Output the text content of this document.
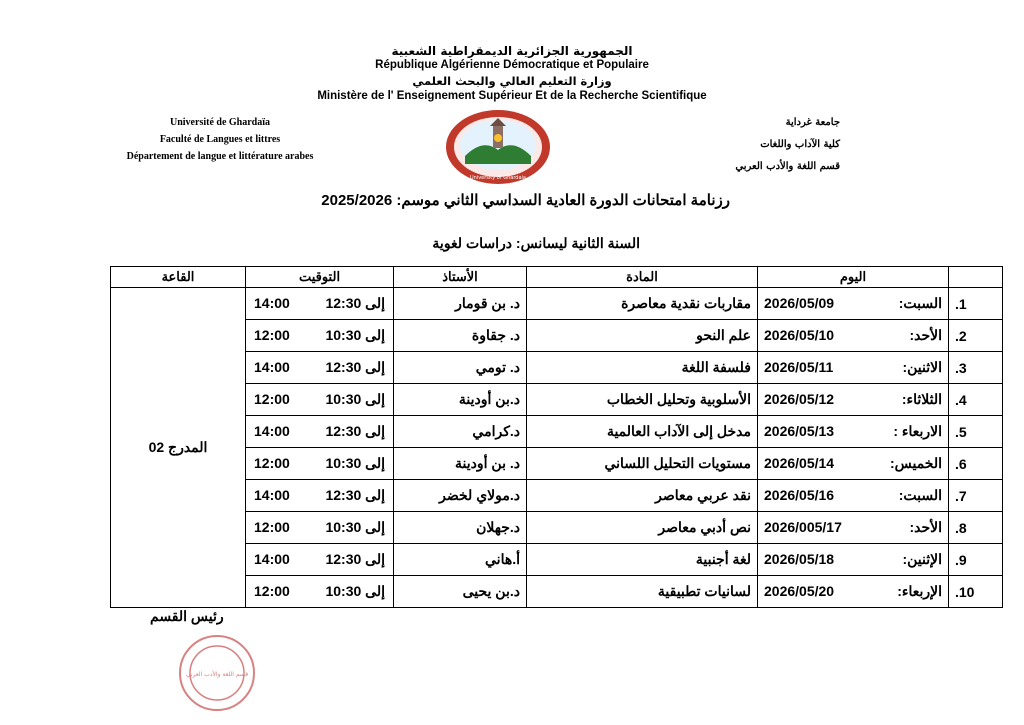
الجمهورية الجزائرية الديمقراطية الشعبية
République Algérienne Démocratique et Populaire
وزارة التعليم العالي والبحث العلمي
Ministère de l' Enseignement Supérieur Et de la Recherche Scientifique
Université de Ghardaïa
Faculté de Langues et littres
Département de langue et littérature arabes
University of Ghardaia
جامعة غرداية
كلية الآداب واللغات
قسم اللغة والأدب العربي
رزنامة امتحانات الدورة العادية السداسي الثاني موسم: 2025/2026
السنة الثانية ليسانس: دراسات لغوية
القاعة	التوقيت	الأستاذ	المادة	اليوم	
المدرج 02	14:00 12:30 إلى	د. بن قومار	مقاربات نقدية معاصرة	2026/05/09 السبت:	.1

	12:00 10:30 إلى	د. جقاوة	علم النحو	2026/05/10 الأحد:	.2

	14:00 12:30 إلى	د. تومي	فلسفة اللغة	2026/05/11 الاثنين:	.3

	12:00 10:30 إلى	د.بن أودينة	الأسلوبية وتحليل الخطاب	2026/05/12 الثلاثاء:	.4

	14:00 12:30 إلى	د.كرامي	مدخل إلى الآداب العالمية	2026/05/13 الاربعاء :	.5

	12:00 10:30 إلى	د. بن أودينة	مستويات التحليل اللساني	2026/05/14 الخميس:	.6

	14:00 12:30 إلى	د.مولاي لخضر	نقد عربي معاصر	2026/05/16 السبت:	.7

	12:00 10:30 إلى	د.جهلان	نص أدبي معاصر	2026/005/17 الأحد:	.8

	14:00 12:30 إلى	أ.هاني	لغة أجنبية	2026/05/18 الإثنين:	.9

	12:00 10:30 إلى	د.بن يحيى	لسانيات تطبيقية	2026/05/20 الإربعاء:	.10
رئيس القسم
قسم اللغة والأدب العربي
